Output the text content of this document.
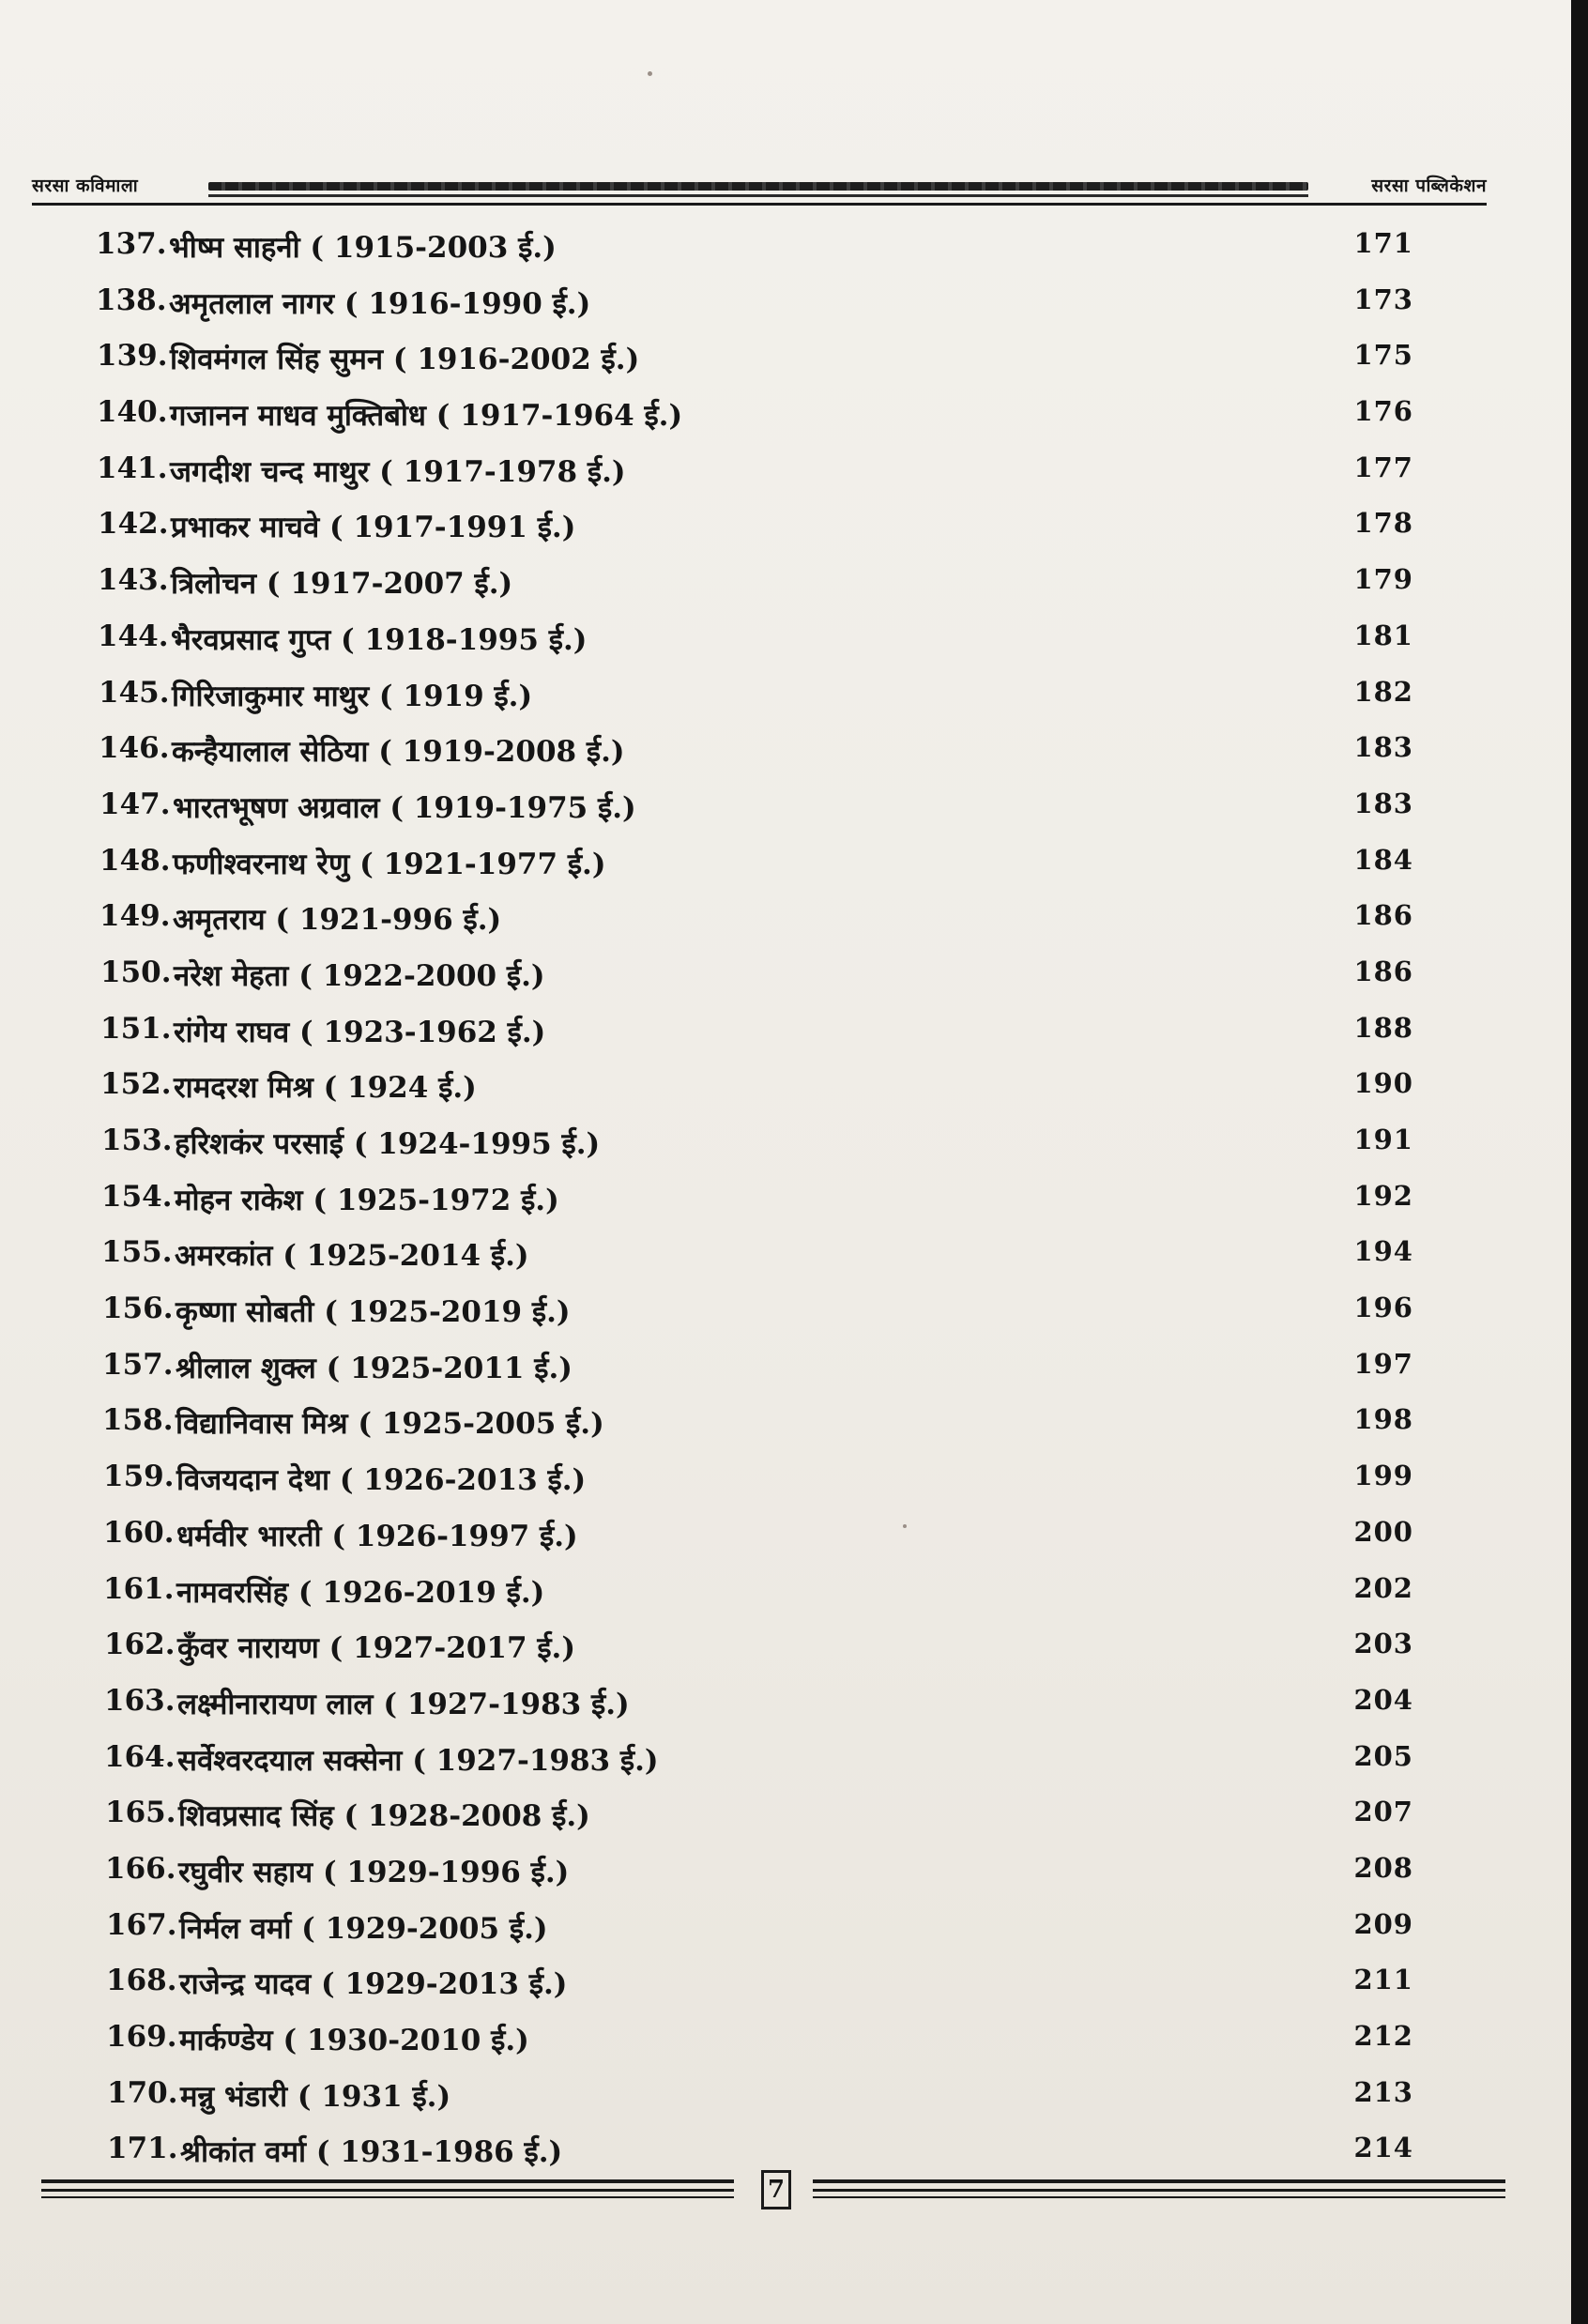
सरसा कविमाला	सरसा पब्लिकेशन
137. भीष्म साहनी ( 1915-2003 ई.)	171
138. अमृतलाल नागर ( 1916-1990 ई.)	173
139. शिवमंगल सिंह सुमन ( 1916-2002 ई.)	175
140. गजानन माधव मुक्तिबोध ( 1917-1964 ई.)	176
141. जगदीश चन्द माथुर ( 1917-1978 ई.)	177
142. प्रभाकर माचवे ( 1917-1991 ई.)	178
143. त्रिलोचन ( 1917-2007 ई.)	179
144. भैरवप्रसाद गुप्त ( 1918-1995 ई.)	181
145. गिरिजाकुमार माथुर ( 1919 ई.)	182
146. कन्हैयालाल सेठिया ( 1919-2008 ई.)	183
147. भारतभूषण अग्रवाल ( 1919-1975 ई.)	183
148. फणीश्वरनाथ रेणु ( 1921-1977 ई.)	184
149. अमृतराय ( 1921-996 ई.)	186
150. नरेश मेहता ( 1922-2000 ई.)	186
151. रांगेय राघव ( 1923-1962 ई.)	188
152. रामदरश मिश्र ( 1924 ई.)	190
153. हरिशकंर परसाई ( 1924-1995 ई.)	191
154. मोहन राकेश ( 1925-1972 ई.)	192
155. अमरकांत ( 1925-2014 ई.)	194
156. कृष्णा सोबती ( 1925-2019 ई.)	196
157. श्रीलाल शुक्ल ( 1925-2011 ई.)	197
158. विद्यानिवास मिश्र ( 1925-2005 ई.)	198
159. विजयदान देथा ( 1926-2013 ई.)	199
160. धर्मवीर भारती ( 1926-1997 ई.)	200
161. नामवरसिंह ( 1926-2019 ई.)	202
162. कुँवर नारायण ( 1927-2017 ई.)	203
163. लक्ष्मीनारायण लाल ( 1927-1983 ई.)	204
164. सर्वेश्वरदयाल सक्सेना ( 1927-1983 ई.)	205
165. शिवप्रसाद सिंह ( 1928-2008 ई.)	207
166. रघुवीर सहाय ( 1929-1996 ई.)	208
167. निर्मल वर्मा ( 1929-2005 ई.)	209
168. राजेन्द्र यादव ( 1929-2013 ई.)	211
169. मार्कण्डेय ( 1930-2010 ई.)	212
170. मन्नु भंडारी ( 1931 ई.)	213
171. श्रीकांत वर्मा ( 1931-1986 ई.)	214
7
